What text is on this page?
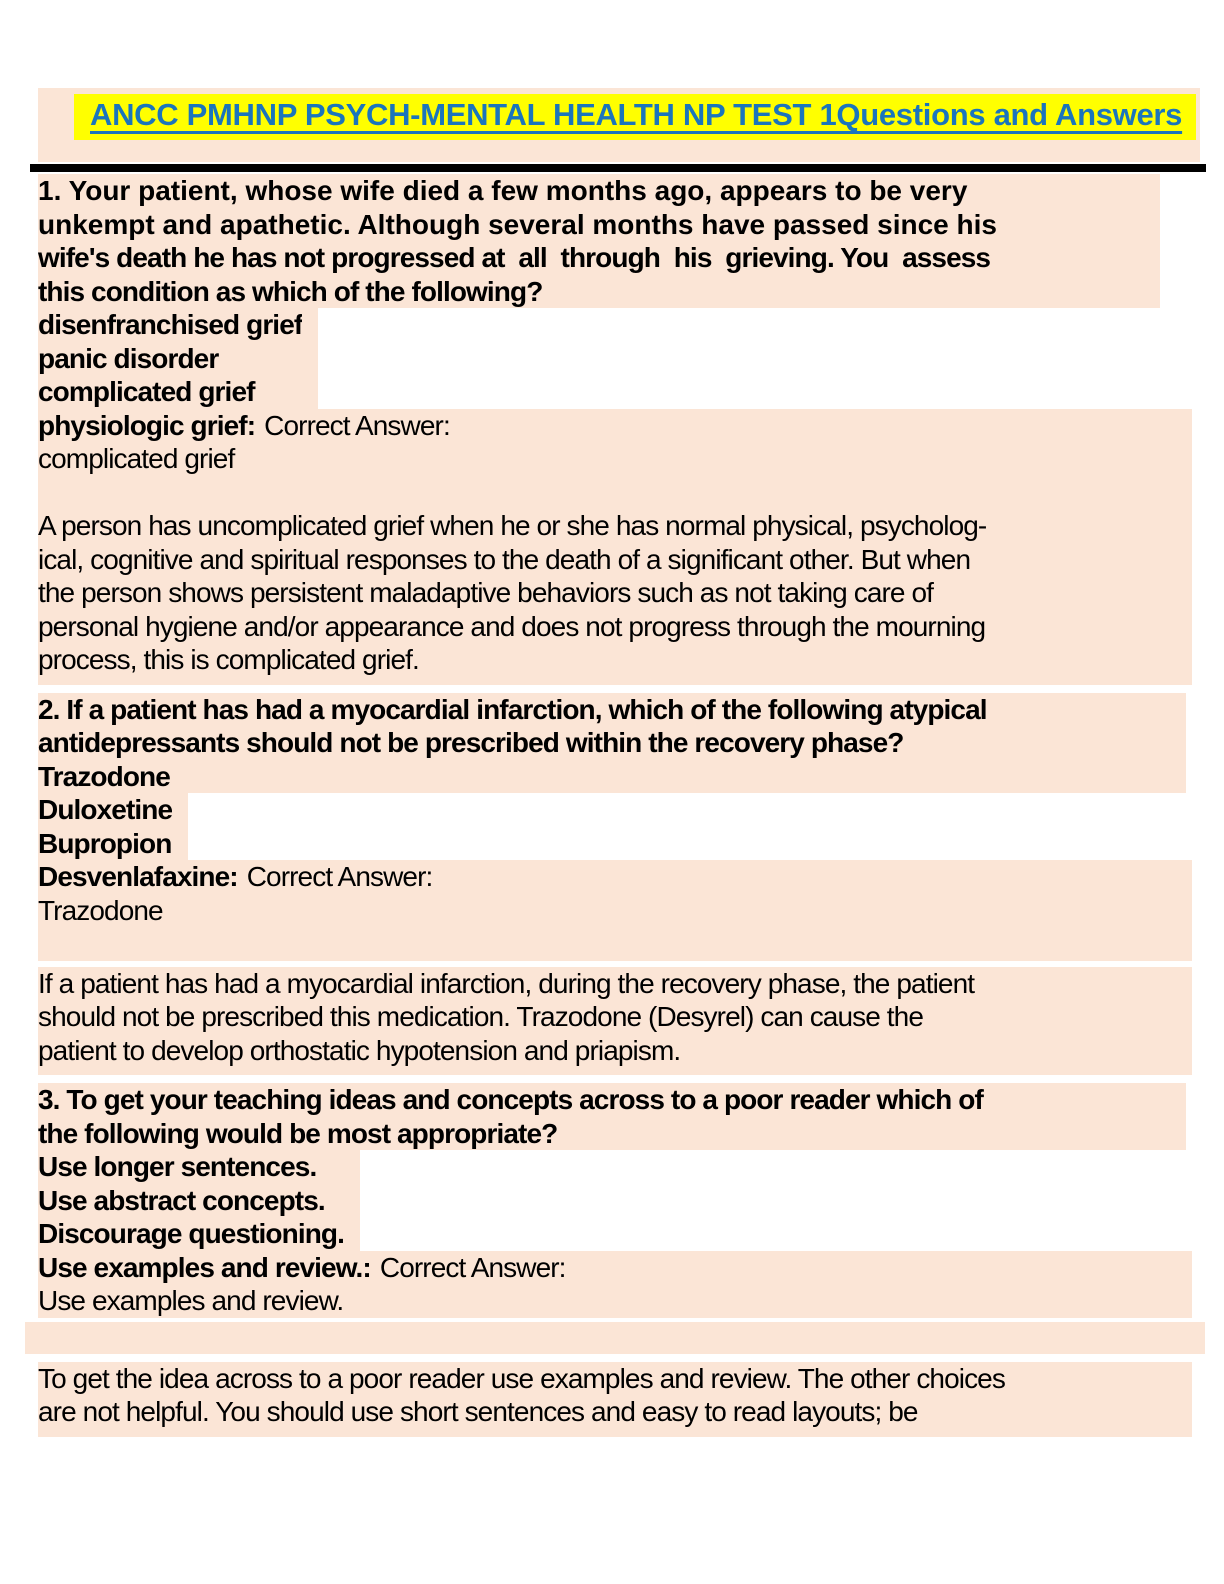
ANCC PMHNP PSYCH-MENTAL HEALTH NP TEST 1Questions and Answers
1. Your patient, whose wife died a few months ago, appears to be very
unkempt and apathetic. Although several months have passed since his
wife's death he has not progressed at  all  through  his  grieving. You  assess
this condition as which of the following?
disenfranchised grief
panic disorder
complicated grief
physiologic grief: Correct Answer:
complicated grief
A person has uncomplicated grief when he or she has normal physical, psycholog-
ical, cognitive and spiritual responses to the death of a significant other. But when
the person shows persistent maladaptive behaviors such as not taking care of
personal hygiene and/or appearance and does not progress through the mourning
process, this is complicated grief.
2. If a patient has had a myocardial infarction, which of the following atypical
antidepressants should not be prescribed within the recovery phase?
Trazodone
Duloxetine
Bupropion
Desvenlafaxine: Correct Answer:
Trazodone
If a patient has had a myocardial infarction, during the recovery phase, the patient
should not be prescribed this medication. Trazodone (Desyrel) can cause the
patient to develop orthostatic hypotension and priapism.
3. To get your teaching ideas and concepts across to a poor reader which of
the following would be most appropriate?
Use longer sentences.
Use abstract concepts.
Discourage questioning.
Use examples and review.: Correct Answer:
Use examples and review.
To get the idea across to a poor reader use examples and review. The other choices
are not helpful. You should use short sentences and easy to read layouts; be
